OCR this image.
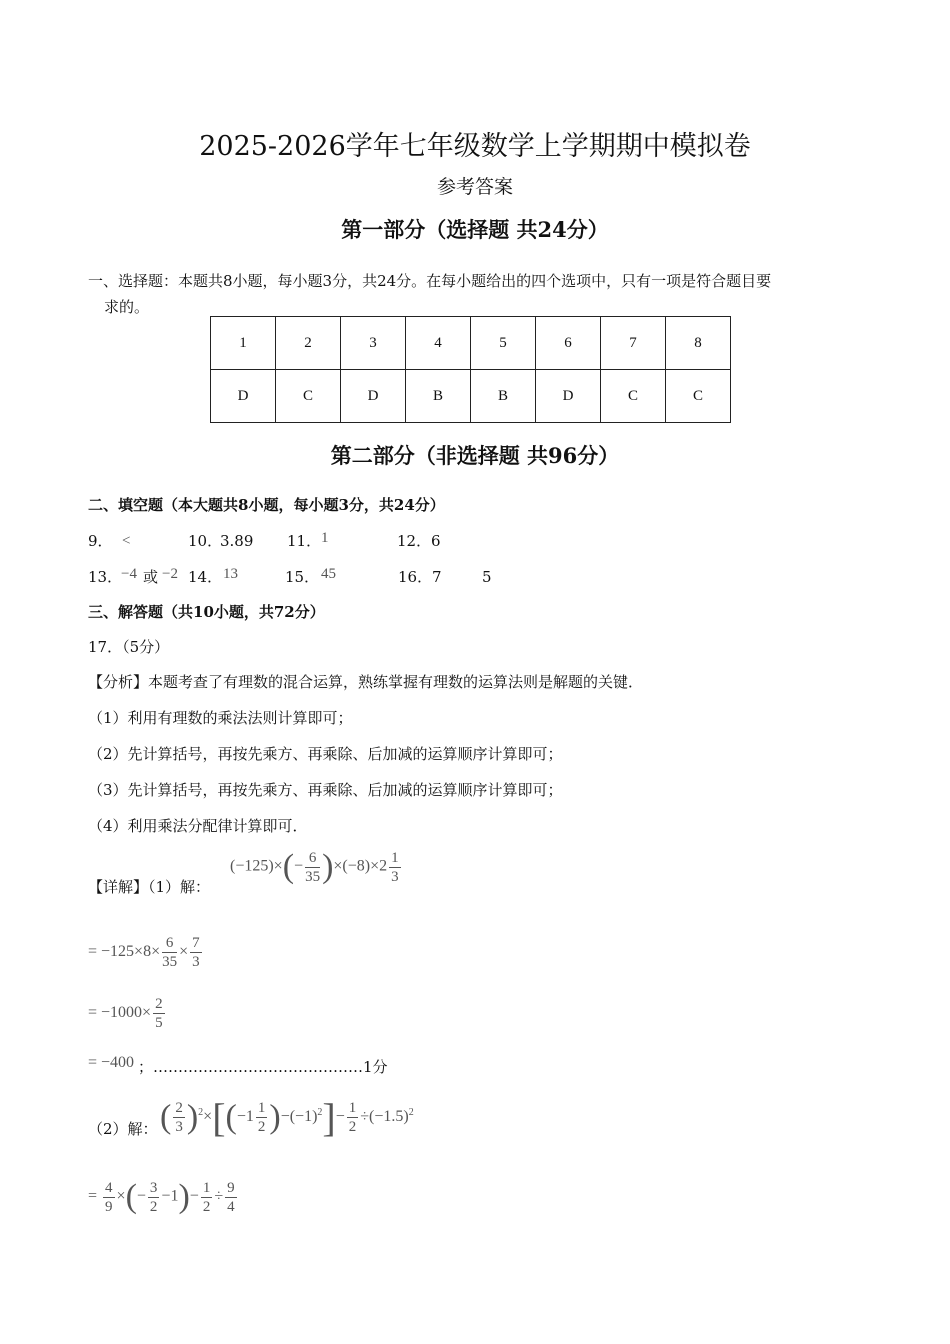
2025-2026学年七年级数学上学期期中模拟卷
参考答案
第一部分（选择题 共24分）
一、选择题：本题共8小题，每小题3分，共24分。在每小题给出的四个选项中，只有一项是符合题目要
求的。
1	2	3	4	5	6	7	8
D	C	D	B	B	D	C	C
第二部分（非选择题 共96分）
二、填空题（本大题共8小题，每小题3分，共24分）
9． <	10．
3.89 11． 1	12． 6
13．
−4 或 −2 14． 13	15． 45	16． 7	5
三、解答题（共10小题，共72分）
17．（5分）
【分析】本题考查了有理数的混合运算，熟练掌握有理数的运算法则是解题的关键．
（1）利用有理数的乘法法则计算即可；
（2）先计算括号，再按先乘方、再乘除、后加减的运算顺序计算即可；
（3）先计算括号，再按先乘方、再乘除、后加减的运算顺序计算即可；
（4）利用乘法分配律计算即可．
【详解】（1）解：
$(-125)\times(- \frac{6}{35} )\times(-8)\times 2 \frac{1}{3}$
= $-125\times 8\times \frac{6}{35} \times \frac{7}{3}$
= $-1000\times \frac{2}{5}$
= −400 ；……………………………………1分
（2）解： ( $\frac{2}{3} )^2\times[(-1 \frac{1}{2} )-(-1)^2]- \frac{1}{2} \div(-1.5)^2$
= $\frac{4}{9}$ ×(− $\frac{3}{2} -1)- \frac{1}{2} \div \frac{9}{4}$
